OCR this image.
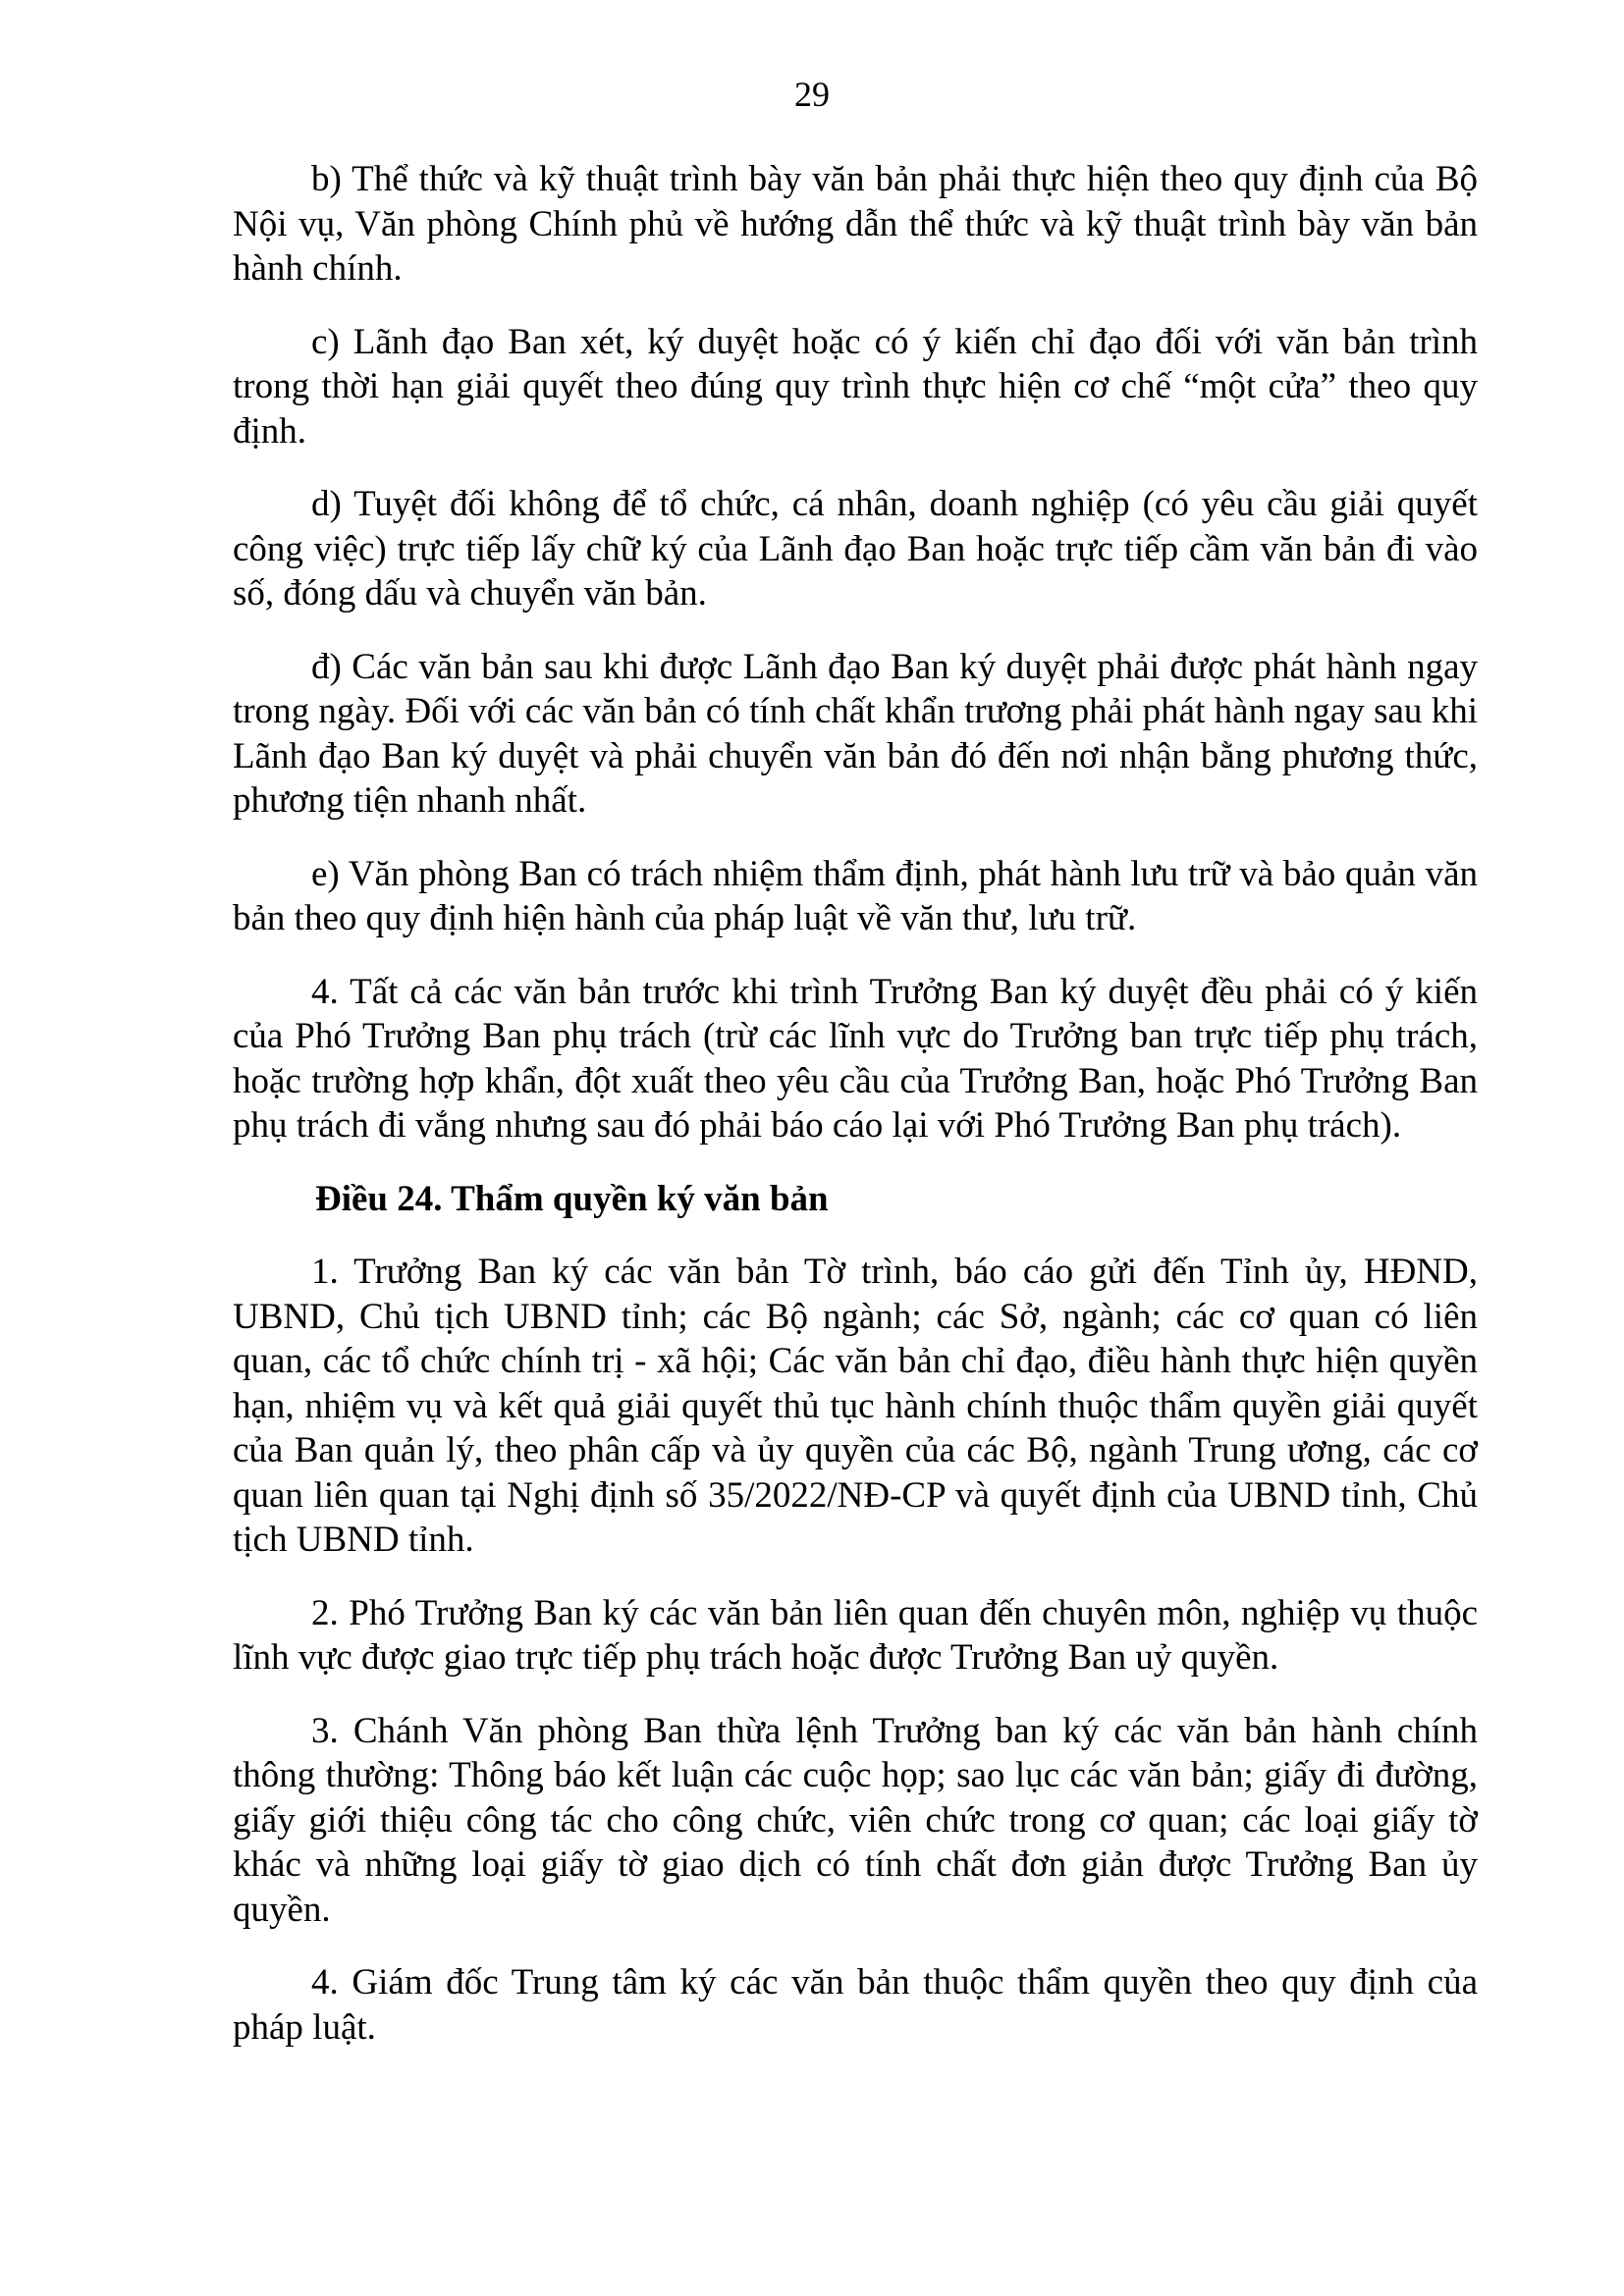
29

b) Thể thức và kỹ thuật trình bày văn bản phải thực hiện theo quy định của Bộ Nội vụ, Văn phòng Chính phủ về hướng dẫn thể thức và kỹ thuật trình bày văn bản hành chính.

c) Lãnh đạo Ban xét, ký duyệt hoặc có ý kiến chỉ đạo đối với văn bản trình trong thời hạn giải quyết theo đúng quy trình thực hiện cơ chế “một cửa” theo quy định.

d) Tuyệt đối không để tổ chức, cá nhân, doanh nghiệp (có yêu cầu giải quyết công việc) trực tiếp lấy chữ ký của Lãnh đạo Ban hoặc trực tiếp cầm văn bản đi vào số, đóng dấu và chuyển văn bản.

đ) Các văn bản sau khi được Lãnh đạo Ban ký duyệt phải được phát hành ngay trong ngày. Đối với các văn bản có tính chất khẩn trương phải phát hành ngay sau khi Lãnh đạo Ban ký duyệt và phải chuyển văn bản đó đến nơi nhận bằng phương thức, phương tiện nhanh nhất.

e) Văn phòng Ban có trách nhiệm thẩm định, phát hành lưu trữ và bảo quản văn bản theo quy định hiện hành của pháp luật về văn thư, lưu trữ.

4. Tất cả các văn bản trước khi trình Trưởng Ban ký duyệt đều phải có ý kiến của Phó Trưởng Ban phụ trách (trừ các lĩnh vực do Trưởng ban trực tiếp phụ trách, hoặc trường hợp khẩn, đột xuất theo yêu cầu của Trưởng Ban, hoặc Phó Trưởng Ban phụ trách đi vắng nhưng sau đó phải báo cáo lại với Phó Trưởng Ban phụ trách).

Điều 24. Thẩm quyền ký văn bản

1. Trưởng Ban ký các văn bản Tờ trình, báo cáo gửi đến Tỉnh ủy, HĐND, UBND, Chủ tịch UBND tỉnh; các Bộ ngành; các Sở, ngành; các cơ quan có liên quan, các tổ chức chính trị - xã hội; Các văn bản chỉ đạo, điều hành thực hiện quyền hạn, nhiệm vụ và kết quả giải quyết thủ tục hành chính thuộc thẩm quyền giải quyết của Ban quản lý, theo phân cấp và ủy quyền của các Bộ, ngành Trung ương, các cơ quan liên quan tại Nghị định số 35/2022/NĐ-CP và quyết định của UBND tỉnh, Chủ tịch UBND tỉnh.

2. Phó Trưởng Ban ký các văn bản liên quan đến chuyên môn, nghiệp vụ thuộc lĩnh vực được giao trực tiếp phụ trách hoặc được Trưởng Ban uỷ quyền.

3. Chánh Văn phòng Ban thừa lệnh Trưởng ban ký các văn bản hành chính thông thường: Thông báo kết luận các cuộc họp; sao lục các văn bản; giấy đi đường, giấy giới thiệu công tác cho công chức, viên chức trong cơ quan; các loại giấy tờ khác và những loại giấy tờ giao dịch có tính chất đơn giản được Trưởng Ban ủy quyền.

4. Giám đốc Trung tâm ký các văn bản thuộc thẩm quyền theo quy định của pháp luật.
